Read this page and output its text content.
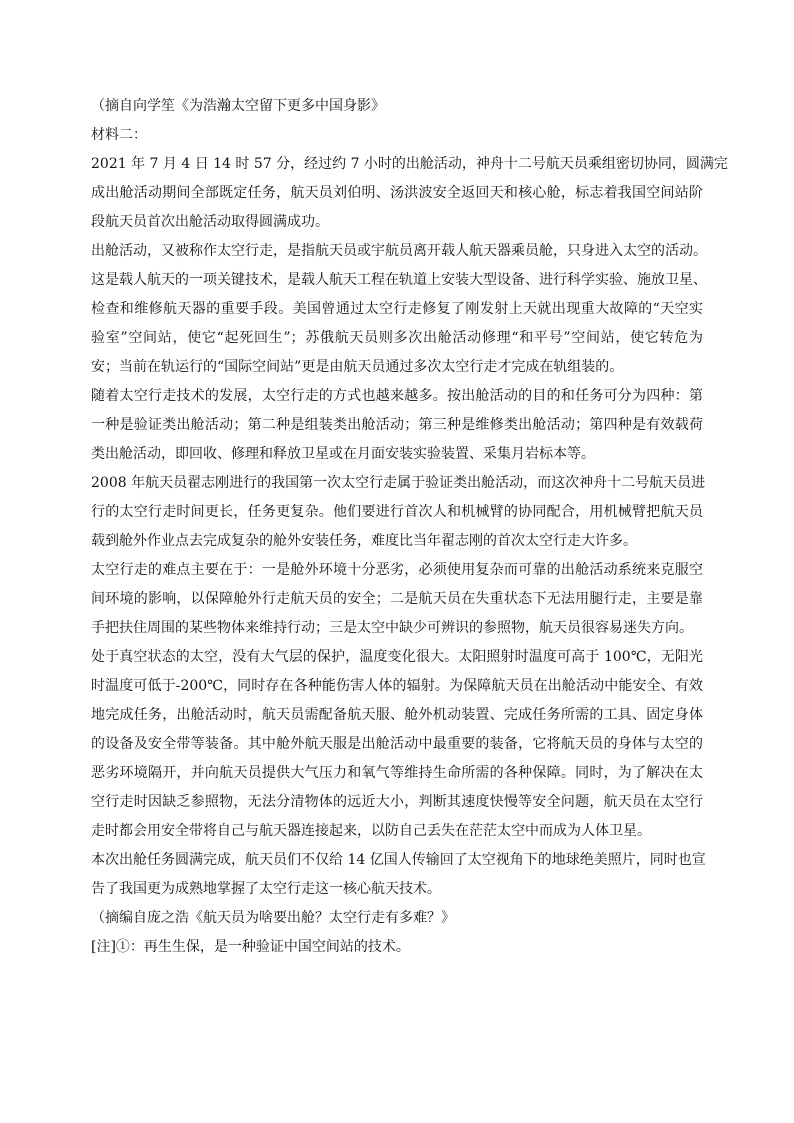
（摘自向学笙《为浩瀚太空留下更多中国身影》
材料二：
2021 年 7 月 4 日 14 时 57 分，经过约 7 小时的出舱活动，神舟十二号航天员乘组密切协同，圆满完
成出舱活动期间全部既定任务，航天员刘伯明、汤洪波安全返回天和核心舱，标志着我国空间站阶
段航天员首次出舱活动取得圆满成功。
出舱活动，又被称作太空行走，是指航天员或宇航员离开载人航天器乘员舱，只身进入太空的活动。
这是载人航天的一项关键技术，是载人航天工程在轨道上安装大型设备、进行科学实验、施放卫星、
检查和维修航天器的重要手段。美国曾通过太空行走修复了刚发射上天就出现重大故障的“天空实
验室”空间站，使它“起死回生”；苏俄航天员则多次出舱活动修理“和平号”空间站，使它转危为
安；当前在轨运行的“国际空间站”更是由航天员通过多次太空行走才完成在轨组装的。
随着太空行走技术的发展，太空行走的方式也越来越多。按出舱活动的目的和任务可分为四种：第
一种是验证类出舱活动；第二种是组装类出舱活动；第三种是维修类出舱活动；第四种是有效载荷
类出舱活动，即回收、修理和释放卫星或在月面安装实验装置、采集月岩标本等。
2008 年航天员翟志刚进行的我国第一次太空行走属于验证类出舱活动，而这次神舟十二号航天员进
行的太空行走时间更长，任务更复杂。他们要进行首次人和机械臂的协同配合，用机械臂把航天员
载到舱外作业点去完成复杂的舱外安装任务，难度比当年翟志刚的首次太空行走大许多。
太空行走的难点主要在于：一是舱外环境十分恶劣，必须使用复杂而可靠的出舱活动系统来克服空
间环境的影响，以保障舱外行走航天员的安全；二是航天员在失重状态下无法用腿行走，主要是靠
手把扶住周围的某些物体来维持行动；三是太空中缺少可辨识的参照物，航天员很容易迷失方向。
处于真空状态的太空，没有大气层的保护，温度变化很大。太阳照射时温度可高于 100℃，无阳光
时温度可低于-200℃，同时存在各种能伤害人体的辐射。为保障航天员在出舱活动中能安全、有效
地完成任务，出舱活动时，航天员需配备航天服、舱外机动装置、完成任务所需的工具、固定身体
的设备及安全带等装备。其中舱外航天服是出舱活动中最重要的装备，它将航天员的身体与太空的
恶劣环境隔开，并向航天员提供大气压力和氧气等维持生命所需的各种保障。同时，为了解决在太
空行走时因缺乏参照物，无法分清物体的远近大小，判断其速度快慢等安全问题，航天员在太空行
走时都会用安全带将自己与航天器连接起来，以防自己丢失在茫茫太空中而成为人体卫星。
本次出舱任务圆满完成，航天员们不仅给 14 亿国人传输回了太空视角下的地球绝美照片，同时也宣
告了我国更为成熟地掌握了太空行走这一核心航天技术。
（摘编自庞之浩《航天员为啥要出舱？太空行走有多难？》
[注]①：再生生保，是一种验证中国空间站的技术。
